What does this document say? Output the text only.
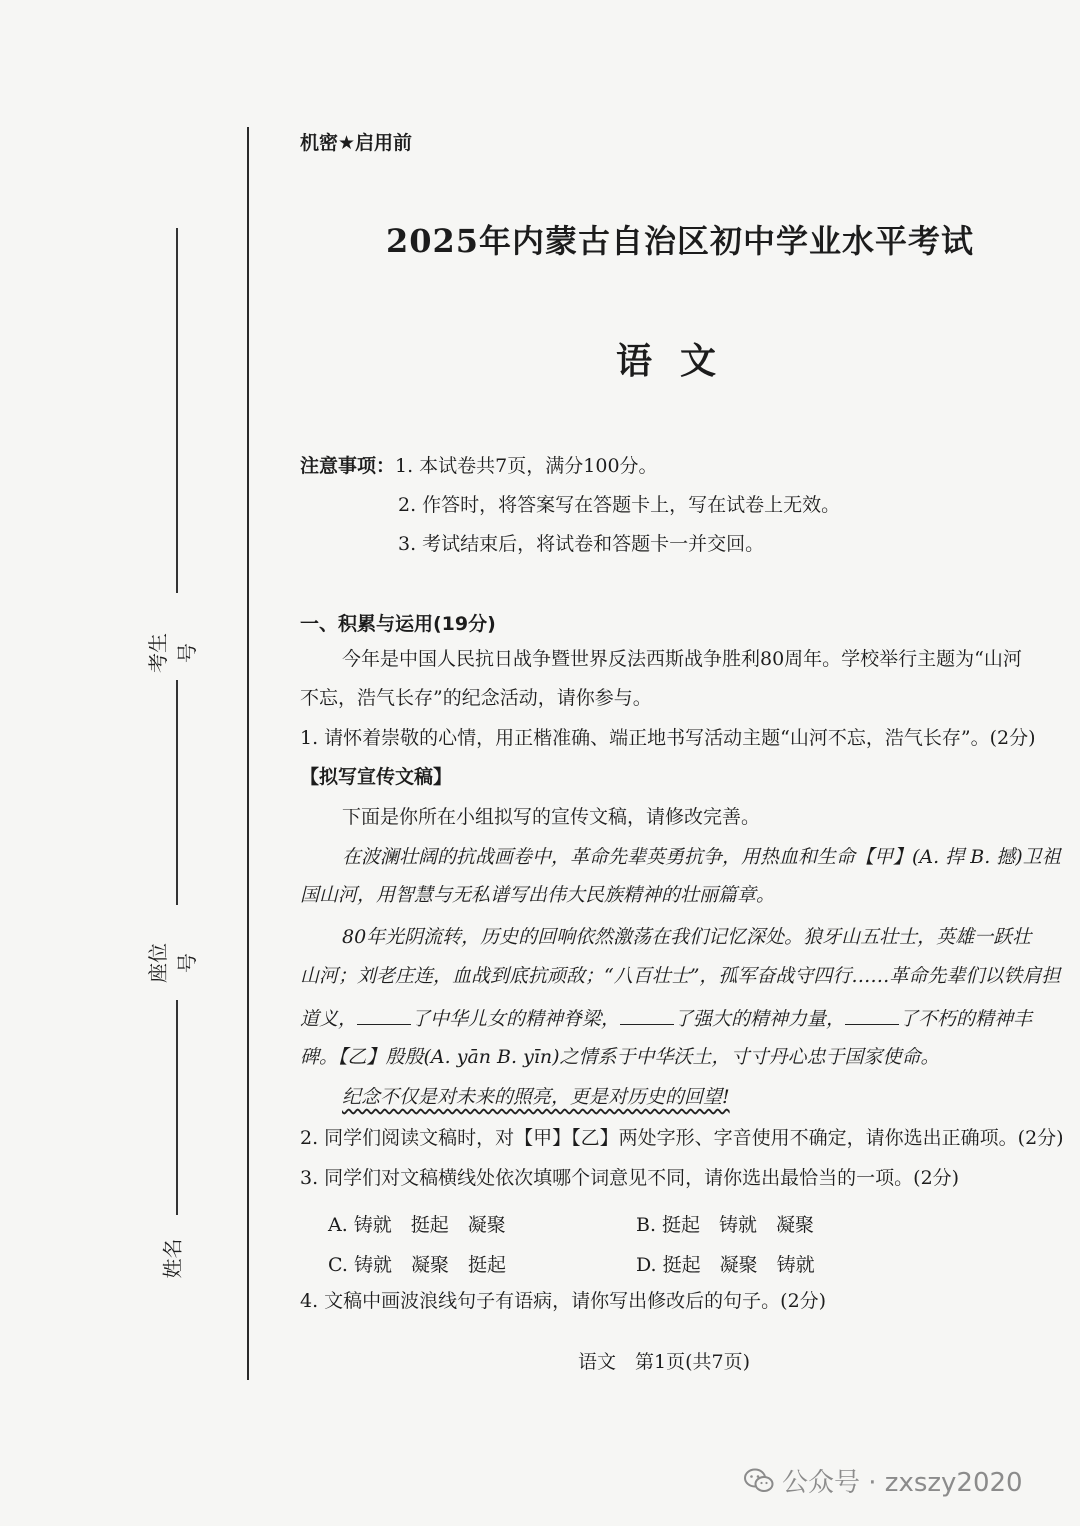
考生号
座位号
姓名
机密★启用前
2025年内蒙古自治区初中学业水平考试
语文
注意事项：1. 本试卷共7页，满分100分。
2. 作答时，将答案写在答题卡上，写在试卷上无效。
3. 考试结束后，将试卷和答题卡一并交回。
一、积累与运用(19分)
今年是中国人民抗日战争暨世界反法西斯战争胜利80周年。学校举行主题为“山河
不忘，浩气长存”的纪念活动，请你参与。
1. 请怀着崇敬的心情，用正楷准确、端正地书写活动主题“山河不忘，浩气长存”。(2分)
【拟写宣传文稿】
下面是你所在小组拟写的宣传文稿，请修改完善。
在波澜壮阔的抗战画卷中，革命先辈英勇抗争，用热血和生命【甲】(A. 捍 B. 撼)卫祖
国山河，用智慧与无私谱写出伟大民族精神的壮丽篇章。
80年光阴流转，历史的回响依然激荡在我们记忆深处。狼牙山五壮士，英雄一跃壮
山河；刘老庄连，血战到底抗顽敌；“八百壮士”，孤军奋战守四行……革命先辈们以铁肩担
道义，	了中华儿女的精神脊梁，	了强大的精神力量，	了不朽的精神丰
碑。【乙】殷殷(A. yān B. yīn)之情系于中华沃土，寸寸丹心忠于国家使命。
纪念不仅是对未来的照亮，更是对历史的回望!
2. 同学们阅读文稿时，对【甲】【乙】两处字形、字音使用不确定，请你选出正确项。(2分)
3. 同学们对文稿横线处依次填哪个词意见不同，请你选出最恰当的一项。(2分)
A. 铸就　挺起　凝聚	B. 挺起　铸就　凝聚
C. 铸就　凝聚　挺起	D. 挺起　凝聚　铸就
4. 文稿中画波浪线句子有语病，请你写出修改后的句子。(2分)
语文　第1页(共7页)
公众号 · zxszy2020
